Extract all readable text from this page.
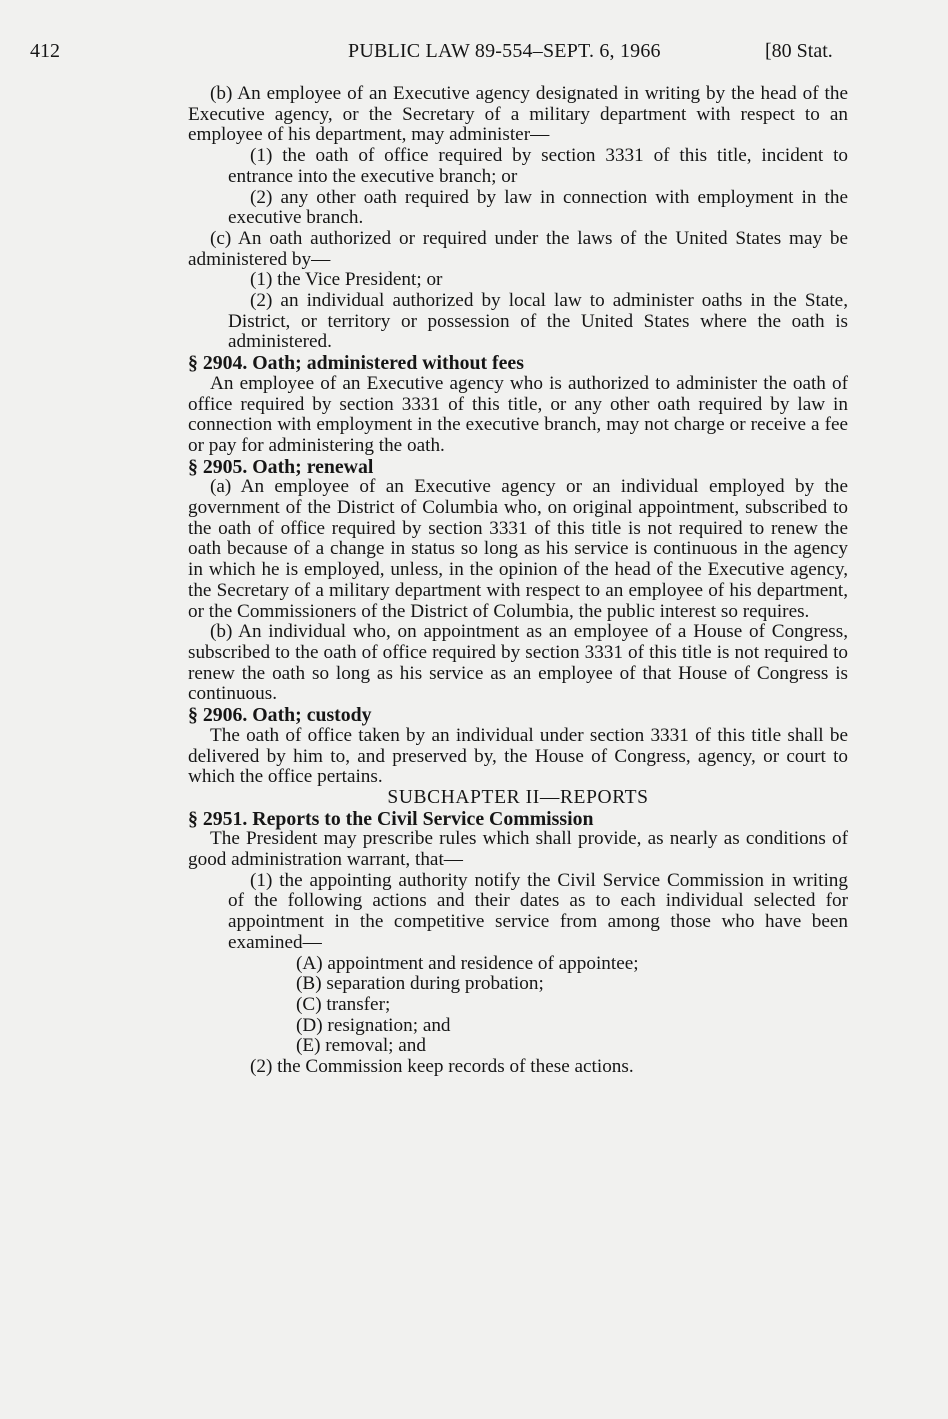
412	PUBLIC LAW 89-554–SEPT. 6, 1966	[80 Stat.

(b) An employee of an Executive agency designated in writing by the head of the Executive agency, or the Secretary of a military department with respect to an employee of his department, may administer—

(1) the oath of office required by section 3331 of this title, incident to entrance into the executive branch; or

(2) any other oath required by law in connection with employment in the executive branch.

(c) An oath authorized or required under the laws of the United States may be administered by—

(1) the Vice President; or

(2) an individual authorized by local law to administer oaths in the State, District, or territory or possession of the United States where the oath is administered.

§ 2904. Oath; administered without fees

An employee of an Executive agency who is authorized to administer the oath of office required by section 3331 of this title, or any other oath required by law in connection with employment in the executive branch, may not charge or receive a fee or pay for administering the oath.

§ 2905. Oath; renewal

(a) An employee of an Executive agency or an individual employed by the government of the District of Columbia who, on original appointment, subscribed to the oath of office required by section 3331 of this title is not required to renew the oath because of a change in status so long as his service is continuous in the agency in which he is employed, unless, in the opinion of the head of the Executive agency, the Secretary of a military department with respect to an employee of his department, or the Commissioners of the District of Columbia, the public interest so requires.

(b) An individual who, on appointment as an employee of a House of Congress, subscribed to the oath of office required by section 3331 of this title is not required to renew the oath so long as his service as an employee of that House of Congress is continuous.

§ 2906. Oath; custody

The oath of office taken by an individual under section 3331 of this title shall be delivered by him to, and preserved by, the House of Congress, agency, or court to which the office pertains.

SUBCHAPTER II—REPORTS

§ 2951. Reports to the Civil Service Commission

The President may prescribe rules which shall provide, as nearly as conditions of good administration warrant, that—

(1) the appointing authority notify the Civil Service Commission in writing of the following actions and their dates as to each individual selected for appointment in the competitive service from among those who have been examined—

(A) appointment and residence of appointee;

(B) separation during probation;

(C) transfer;

(D) resignation; and

(E) removal; and

(2) the Commission keep records of these actions.
